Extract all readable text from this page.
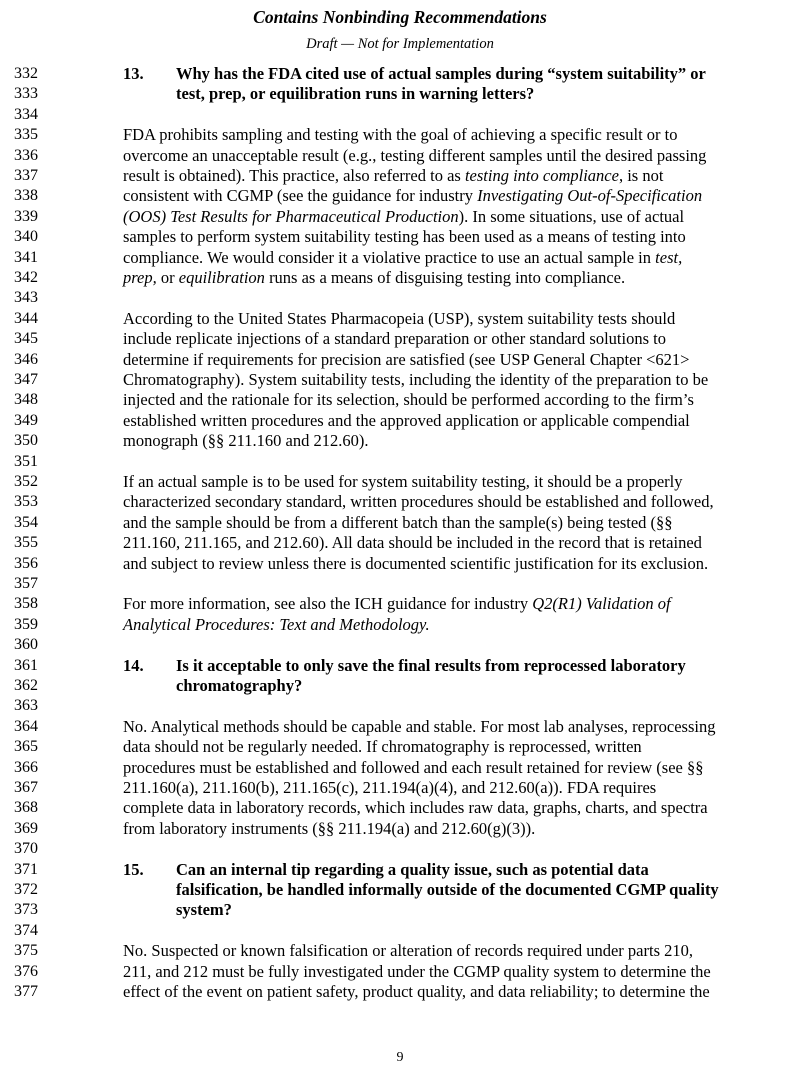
Contains Nonbinding Recommendations
Draft — Not for Implementation
332	13.	Why has the FDA cited use of actual samples during “system suitability” or
333	test, prep, or equilibration runs in warning letters?
334
335	FDA prohibits sampling and testing with the goal of achieving a specific result or to
336	overcome an unacceptable result (e.g., testing different samples until the desired passing
337	result is obtained). This practice, also referred to as testing into compliance, is not
338	consistent with CGMP (see the guidance for industry Investigating Out-of-Specification
339	(OOS) Test Results for Pharmaceutical Production). In some situations, use of actual
340	samples to perform system suitability testing has been used as a means of testing into
341	compliance. We would consider it a violative practice to use an actual sample in test,
342	prep, or equilibration runs as a means of disguising testing into compliance.
343
344	According to the United States Pharmacopeia (USP), system suitability tests should
345	include replicate injections of a standard preparation or other standard solutions to
346	determine if requirements for precision are satisfied (see USP General Chapter <621>
347	Chromatography). System suitability tests, including the identity of the preparation to be
348	injected and the rationale for its selection, should be performed according to the firm’s
349	established written procedures and the approved application or applicable compendial
350	monograph (§§ 211.160 and 212.60).
351
352	If an actual sample is to be used for system suitability testing, it should be a properly
353	characterized secondary standard, written procedures should be established and followed,
354	and the sample should be from a different batch than the sample(s) being tested (§§
355	211.160, 211.165, and 212.60). All data should be included in the record that is retained
356	and subject to review unless there is documented scientific justification for its exclusion.
357
358	For more information, see also the ICH guidance for industry Q2(R1) Validation of
359	Analytical Procedures: Text and Methodology.
360
361	14.	Is it acceptable to only save the final results from reprocessed laboratory
362	chromatography?
363
364	No. Analytical methods should be capable and stable. For most lab analyses, reprocessing
365	data should not be regularly needed. If chromatography is reprocessed, written
366	procedures must be established and followed and each result retained for review (see §§
367	211.160(a), 211.160(b), 211.165(c), 211.194(a)(4), and 212.60(a)). FDA requires
368	complete data in laboratory records, which includes raw data, graphs, charts, and spectra
369	from laboratory instruments (§§ 211.194(a) and 212.60(g)(3)).
370
371	15.	Can an internal tip regarding a quality issue, such as potential data
372	falsification, be handled informally outside of the documented CGMP quality
373	system?
374
375	No. Suspected or known falsification or alteration of records required under parts 210,
376	211, and 212 must be fully investigated under the CGMP quality system to determine the
377	effect of the event on patient safety, product quality, and data reliability; to determine the
9
